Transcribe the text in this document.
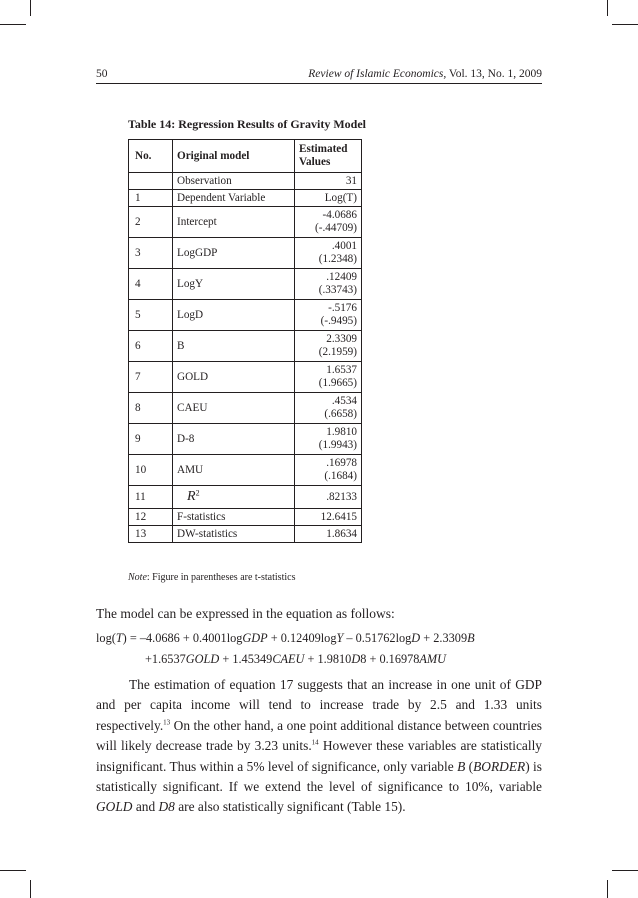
50	Review of Islamic Economics, Vol. 13, No. 1, 2009
Table 14: Regression Results of Gravity Model
No.	Original model	Estimated Values
	Observation	31
1	Dependent Variable	Log(T)

2	Intercept	-4.0686
(-.44709)

3	LogGDP	.4001
(1.2348)

4	LogY	.12409
(.33743)

5	LogD	-.5176
(-.9495)

6	B	2.3309
(2.1959)

7	GOLD	1.6537
(1.9665)

8	CAEU	.4534
(.6658)

9	D-8	1.9810
(1.9943)

10	AMU	.16978
(.1684)

11	$R^2$	.82133

12	F-statistics	12.6415

13	DW-statistics	1.8634
Note: Figure in parentheses are t-statistics
The model can be expressed in the equation as follows:
log(T) = –4.0686 + 0.4001logGDP + 0.12409logY – 0.51762logD + 2.3309B
+1.6537GOLD + 1.45349CAEU + 1.9810D8 + 0.16978AMU

The estimation of equation 17 suggests that an increase in one unit of GDP and per capita income will tend to increase trade by 2.5 and 1.33 units respectively.$^{13}$ On the other hand, a one point additional distance between countries will likely decrease trade by 3.23 units.$^{14}$ However these variables are statistically insignificant. Thus within a 5% level of significance, only variable B (BORDER) is statistically significant. If we extend the level of significance to 10%, variable GOLD and D8 are also statistically significant (Table 15).
